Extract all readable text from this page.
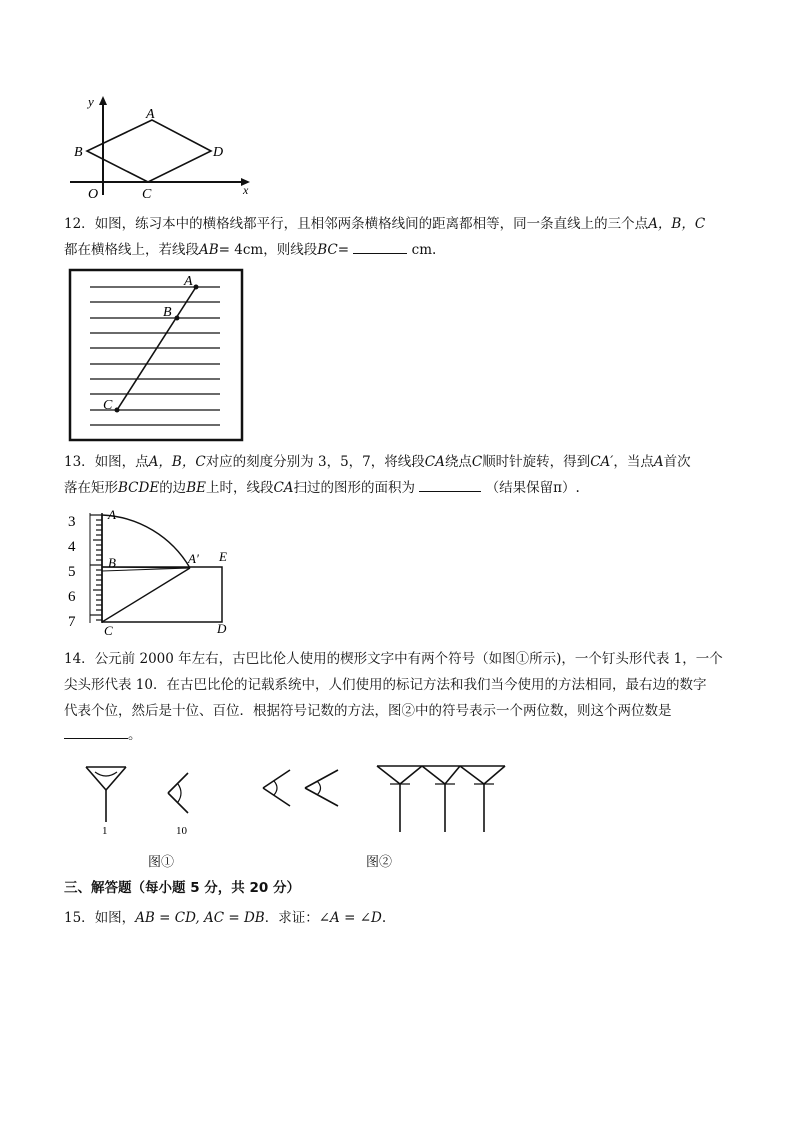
y
x
O
A
B
C
D
12．如图，练习本中的横格线都平行，且相邻两条横格线间的距离都相等，同一条直线上的三个点A，B，C
都在横格线上，若线段AB= 4cm，则线段BC=	cm.
A
B
C
13．如图，点A，B，C对应的刻度分别为 3，5，7，将线段CA绕点C顺时针旋转，得到CA′，当点A首次
落在矩形BCDE的边BE上时，线段CA扫过的图形的面积为	（结果保留π）.
3
4
5
6
7
A
B
C
A′ E
D
14．公元前 2000 年左右，古巴比伦人使用的楔形文字中有两个符号（如图①所示)，一个钉头形代表 1，一个
尖头形代表 10．在古巴比伦的记载系统中，人们使用的标记方法和我们当今使用的方法相同，最右边的数字
代表个位，然后是十位、百位．根据符号记数的方法，图②中的符号表示一个两位数，则这个两位数是
。
1	10
图①	图②
三、解答题（每小题 5 分，共 20 分）
15．如图，AB = CD, AC = DB．求证：∠A = ∠D.
